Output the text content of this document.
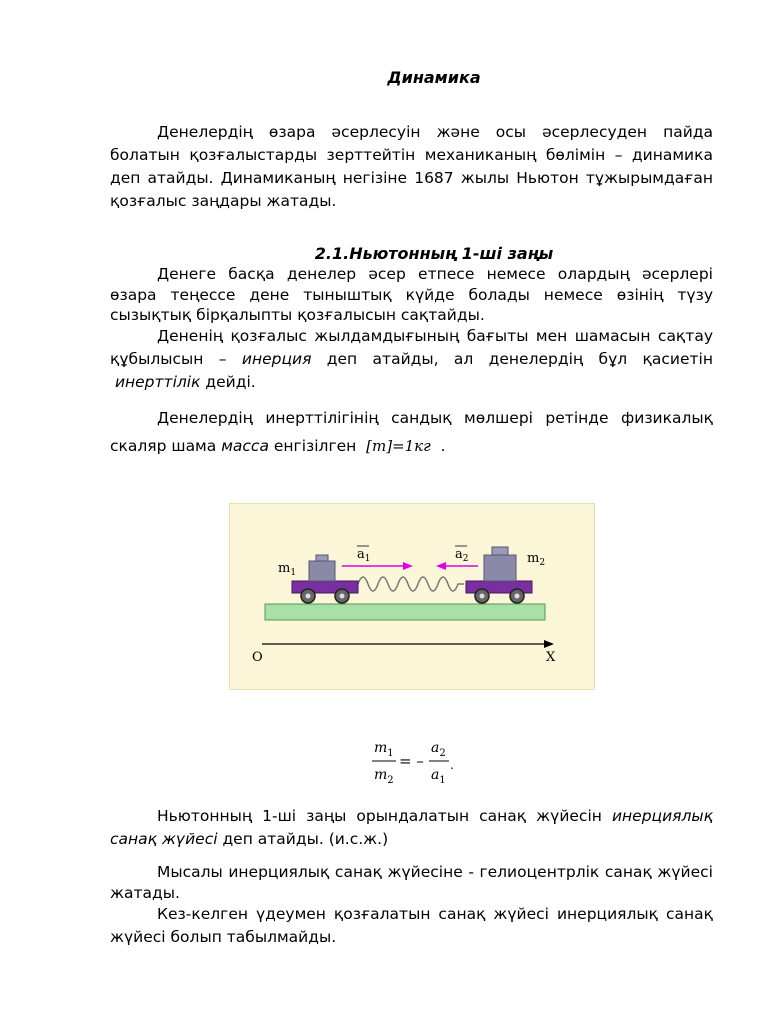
Динамика
Денелердің өзара әсерлесуін және осы әсерлесуден пайда болатын қозғалыстарды зерттейтін механиканың бөлімін – динамика деп атайды. Динамиканың негізіне 1687 жылы Ньютон тұжырымдаған қозғалыс заңдары жатады.
2.1.Ньютонның 1-ші заңы
Денеге басқа денелер әсер етпесе немесе олардың әсерлері өзара теңессе дене тыныштық күйде болады немесе өзінің түзу сызықтық бірқалыпты қозғалысын сақтайды.
Дененің қозғалыс жылдамдығының бағыты мен шамасын сақтау құбылысын – инерция деп атайды, ал денелердің бұл қасиетін  инерттілік дейді.
Денелердің инерттілігінің сандық мөлшері ретінде физикалық скаляр шама масса енгізілген [m]=1кг .
O	X
$m_1$
$m_2$
$a_1$	$a_2$
$m_1$
$m_2$
= –
$a_2$
$a_1$
.
Ньютонның 1-ші заңы орындалатын санақ жүйесін инерциялық санақ жүйесі деп атайды. (и.с.ж.)
Мысалы инерциялық санақ жүйесіне - гелиоцентрлік санақ жүйесі жатады.
Кез-келген үдеумен қозғалатын санақ жүйесі инерциялық санақ жүйесі болып табылмайды.
